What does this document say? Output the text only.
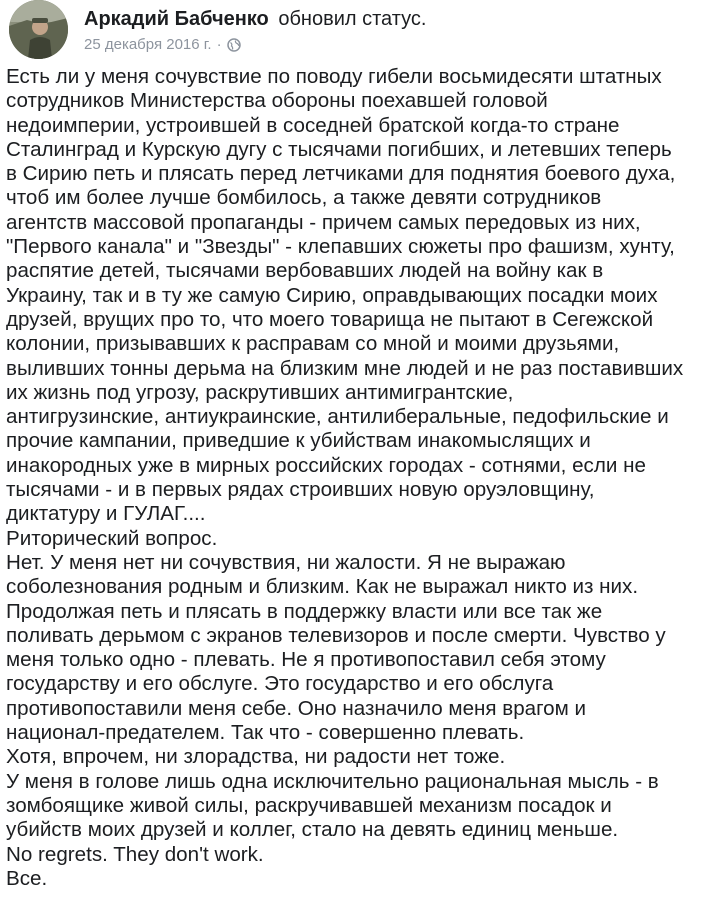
Аркадий Бабченко обновил статус.
25 декабря 2016 г. ·
Есть ли у меня сочувствие по поводу гибели восьмидесяти штатных
сотрудников Министерства обороны поехавшей головой
недоимперии, устроившей в соседней братской когда-то стране
Сталинград и Курскую дугу с тысячами погибших, и летевших теперь
в Сирию петь и плясать перед летчиками для поднятия боевого духа,
чтоб им более лучше бомбилось, а также девяти сотрудников
агентств массовой пропаганды - причем самых передовых из них,
"Первого канала" и "Звезды" - клепавших сюжеты про фашизм, хунту,
распятие детей, тысячами вербовавших людей на войну как в
Украину, так и в ту же самую Сирию, оправдывающих посадки моих
друзей, врущих про то, что моего товарища не пытают в Сегежской
колонии, призывавших к расправам со мной и моими друзьями,
выливших тонны дерьма на близким мне людей и не раз поставивших
их жизнь под угрозу, раскрутивших антимигрантские,
антигрузинские, антиукраинские, антилиберальные, педофильские и
прочие кампании, приведшие к убийствам инакомыслящих и
инакородных уже в мирных российских городах - сотнями, если не
тысячами - и в первых рядах строивших новую оруэловщину,
диктатуру и ГУЛАГ....
Риторический вопрос.
Нет. У меня нет ни сочувствия, ни жалости. Я не выражаю
соболезнования родным и близким. Как не выражал никто из них.
Продолжая петь и плясать в поддержку власти или все так же
поливать дерьмом с экранов телевизоров и после смерти. Чувство у
меня только одно - плевать. Не я противопоставил себя этому
государству и его обслуге. Это государство и его обслуга
противопоставили меня себе. Оно назначило меня врагом и
национал-предателем. Так что - совершенно плевать.
Хотя, впрочем, ни злорадства, ни радости нет тоже.
У меня в голове лишь одна исключительно рациональная мысль - в
зомбоящике живой силы, раскручивавшей механизм посадок и
убийств моих друзей и коллег, стало на девять единиц меньше.
No regrets. They don't work.
Все.
